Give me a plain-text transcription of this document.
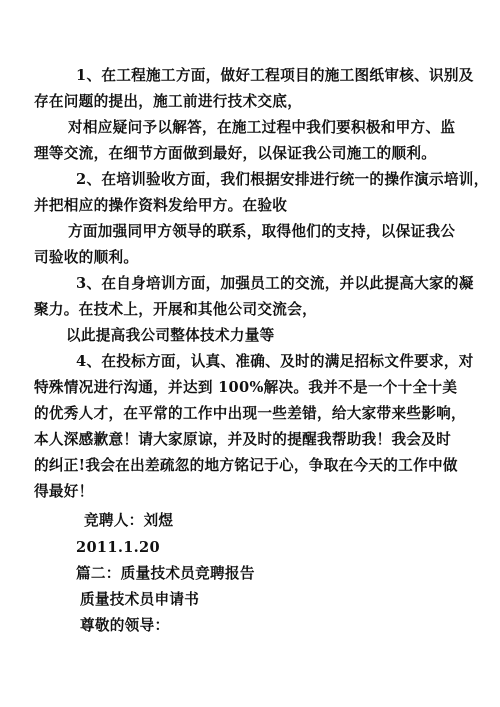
1、在工程施工方面，做好工程项目的施工图纸审核、识别及
存在问题的提出，施工前进行技术交底，
对相应疑问予以解答，在施工过程中我们要积极和甲方、监
理等交流，在细节方面做到最好，以保证我公司施工的顺利。
2、在培训验收方面，我们根据安排进行统一的操作演示培训，
并把相应的操作资料发给甲方。在验收
方面加强同甲方领导的联系，取得他们的支持，以保证我公
司验收的顺利。
3、在自身培训方面，加强员工的交流，并以此提高大家的凝
聚力。在技术上，开展和其他公司交流会，
以此提高我公司整体技术力量等
4、在投标方面，认真、准确、及时的满足招标文件要求，对
特殊情况进行沟通，并达到 100%解决。我并不是一个十全十美
的优秀人才，在平常的工作中出现一些差错，给大家带来些影响，
本人深感歉意！请大家原谅，并及时的提醒我帮助我！我会及时
的纠正!我会在出差疏忽的地方铭记于心，争取在今天的工作中做
得最好！
竞聘人：刘煜
2011.1.20
篇二：质量技术员竞聘报告
质量技术员申请书
尊敬的领导：
